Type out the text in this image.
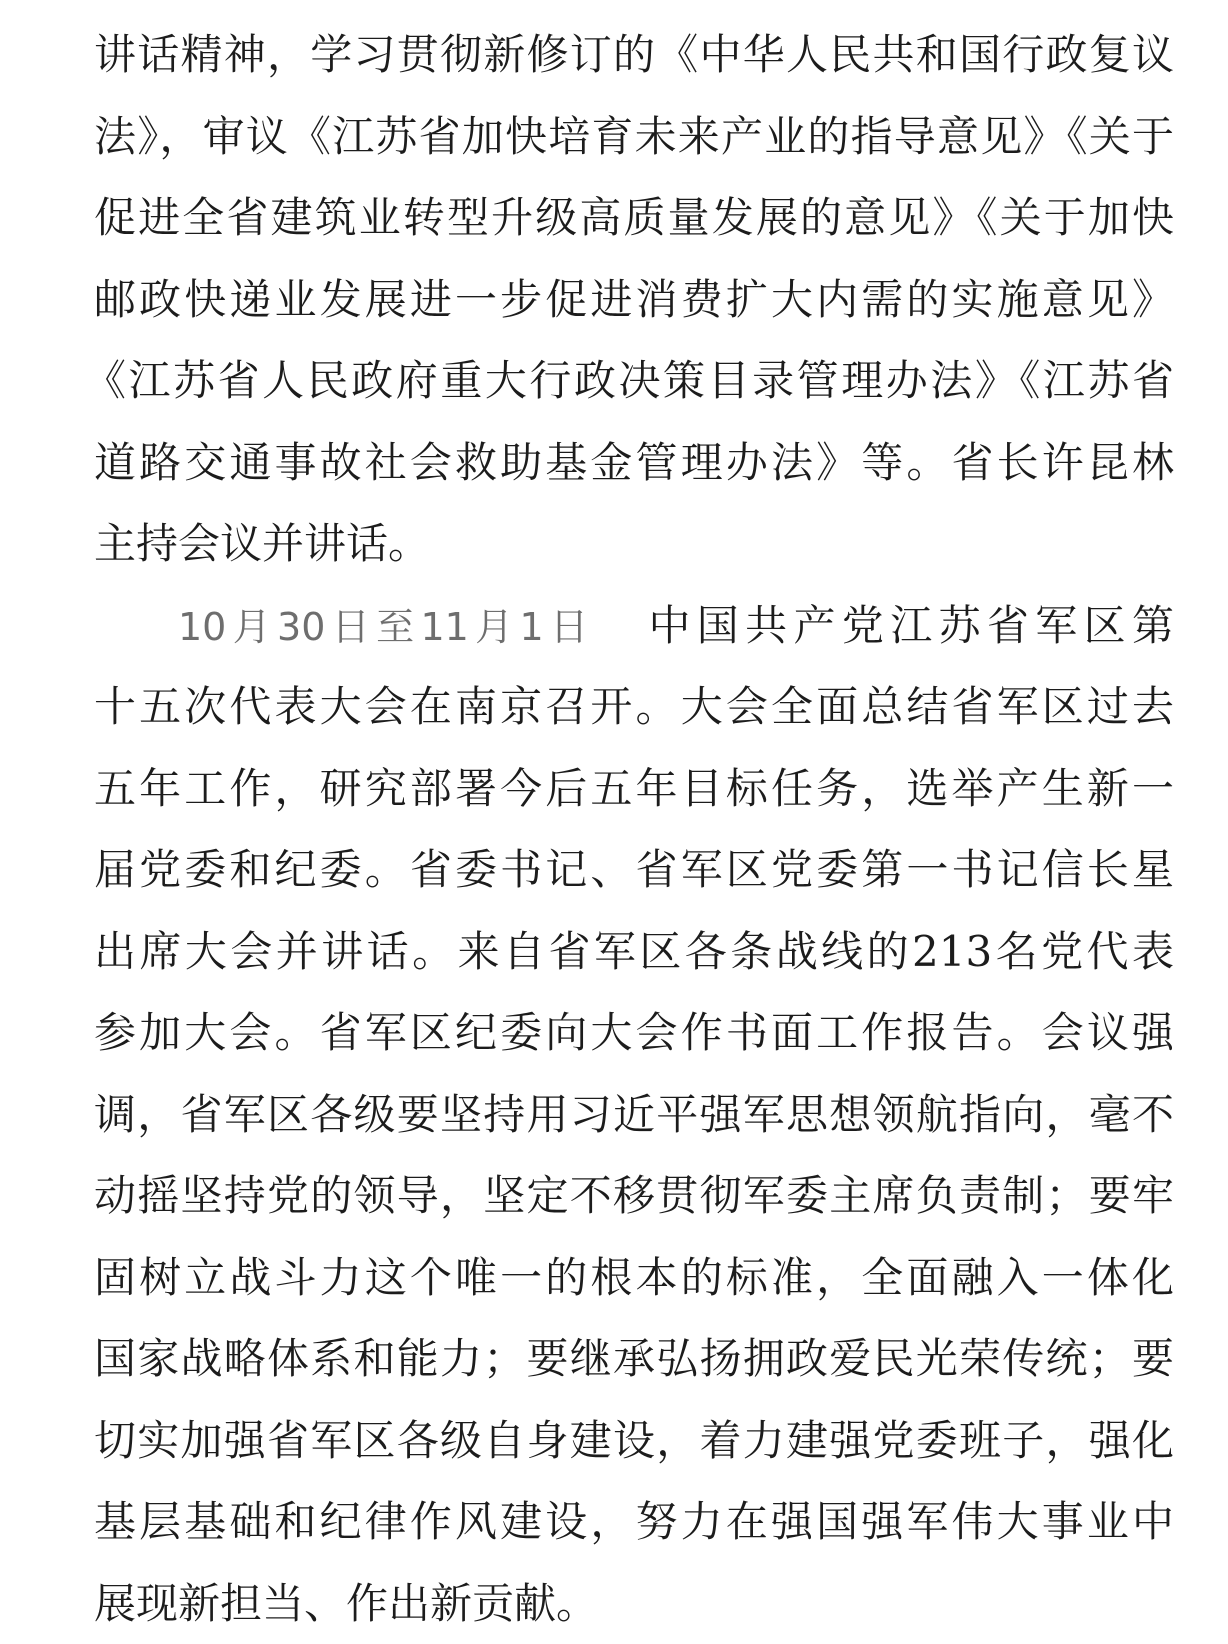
讲话精神，学习贯彻新修订的《中华人民共和国行政复议
法》，审议《江苏省加快培育未来产业的指导意见》《关于
促进全省建筑业转型升级高质量发展的意见》《关于加快
邮政快递业发展进一步促进消费扩大内需的实施意见》
《江苏省人民政府重大行政决策目录管理办法》《江苏省
道路交通事故社会救助基金管理办法》等。省长许昆林
主持会议并讲话。
10月30日至11月1日 中国共产党江苏省军区第
十五次代表大会在南京召开。大会全面总结省军区过去
五年工作，研究部署今后五年目标任务，选举产生新一
届党委和纪委。省委书记、省军区党委第一书记信长星
出席大会并讲话。来自省军区各条战线的213名党代表
参加大会。省军区纪委向大会作书面工作报告。会议强
调，省军区各级要坚持用习近平强军思想领航指向，毫不
动摇坚持党的领导，坚定不移贯彻军委主席负责制；要牢
固树立战斗力这个唯一的根本的标准，全面融入一体化
国家战略体系和能力；要继承弘扬拥政爱民光荣传统；要
切实加强省军区各级自身建设，着力建强党委班子，强化
基层基础和纪律作风建设，努力在强国强军伟大事业中
展现新担当、作出新贡献。
